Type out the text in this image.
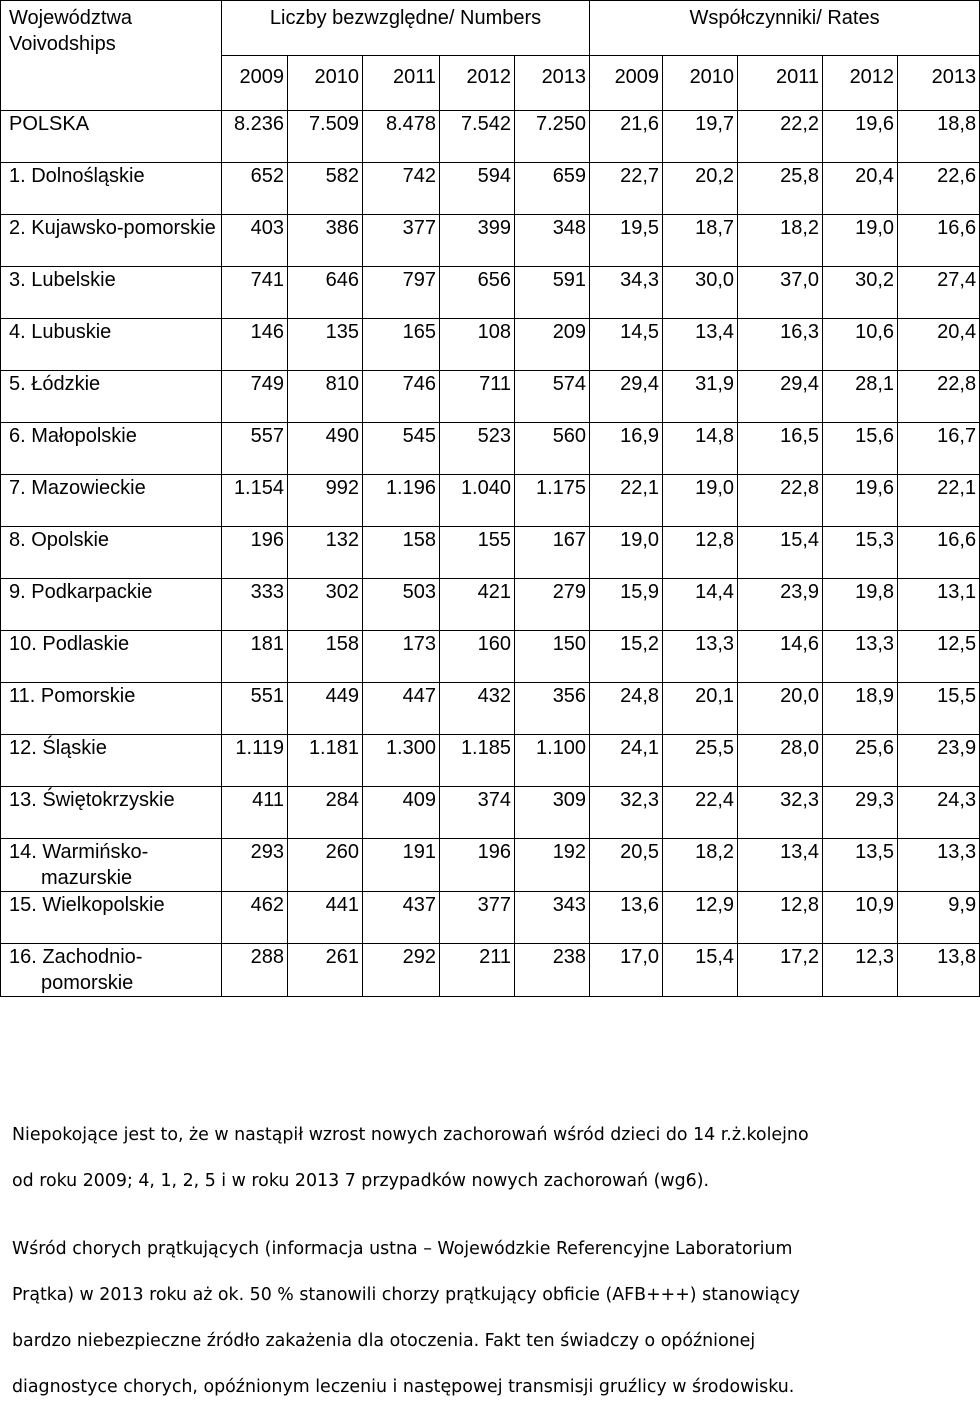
Województwa Voivodships	Liczby bezwzględne/ Numbers					Współczynniki/ Rates				
	2009	2010	2011	2012	2013	2009	2010	2011	2012	2013

POLSKA	8.236	7.509	8.478	7.542	7.250	21,6	19,7	22,2	19,6	18,8

1. Dolnośląskie	652	582	742	594	659	22,7	20,2	25,8	20,4	22,6

2. Kujawsko-pomorskie	403	386	377	399	348	19,5	18,7	18,2	19,0	16,6

3. Lubelskie	741	646	797	656	591	34,3	30,0	37,0	30,2	27,4

4. Lubuskie	146	135	165	108	209	14,5	13,4	16,3	10,6	20,4

5. Łódzkie	749	810	746	711	574	29,4	31,9	29,4	28,1	22,8

6. Małopolskie	557	490	545	523	560	16,9	14,8	16,5	15,6	16,7

7. Mazowieckie	1.154	992	1.196	1.040	1.175	22,1	19,0	22,8	19,6	22,1

8. Opolskie	196	132	158	155	167	19,0	12,8	15,4	15,3	16,6

9. Podkarpackie	333	302	503	421	279	15,9	14,4	23,9	19,8	13,1

10. Podlaskie	181	158	173	160	150	15,2	13,3	14,6	13,3	12,5

11. Pomorskie	551	449	447	432	356	24,8	20,1	20,0	18,9	15,5

12. Śląskie	1.119	1.181	1.300	1.185	1.100	24,1	25,5	28,0	25,6	23,9

13. Świętokrzyskie	411	284	409	374	309	32,3	22,4	32,3	29,3	24,3

14. Warmińsko-mazurskie	293	260	191	196	192	20,5	18,2	13,4	13,5	13,3

15. Wielkopolskie	462	441	437	377	343	13,6	12,9	12,8	10,9	9,9

16. Zachodnio-pomorskie	288	261	292	211	238	17,0	15,4	17,2	12,3	13,8

Niepokojące jest to, że w nastąpił wzrost nowych zachorowań wśród dzieci do 14 r.ż.kolejno
od roku 2009; 4, 1, 2, 5 i w roku 2013 7 przypadków nowych zachorowań (wg6).

Wśród chorych prątkujących (informacja ustna – Wojewódzkie Referencyjne Laboratorium
Prątka) w 2013 roku aż ok. 50 % stanowili chorzy prątkujący obficie (AFB+++) stanowiący
bardzo niebezpieczne źródło zakażenia dla otoczenia. Fakt ten świadczy o opóźnionej
diagnostyce chorych, opóźnionym leczeniu i następowej transmisji gruźlicy w środowisku.
